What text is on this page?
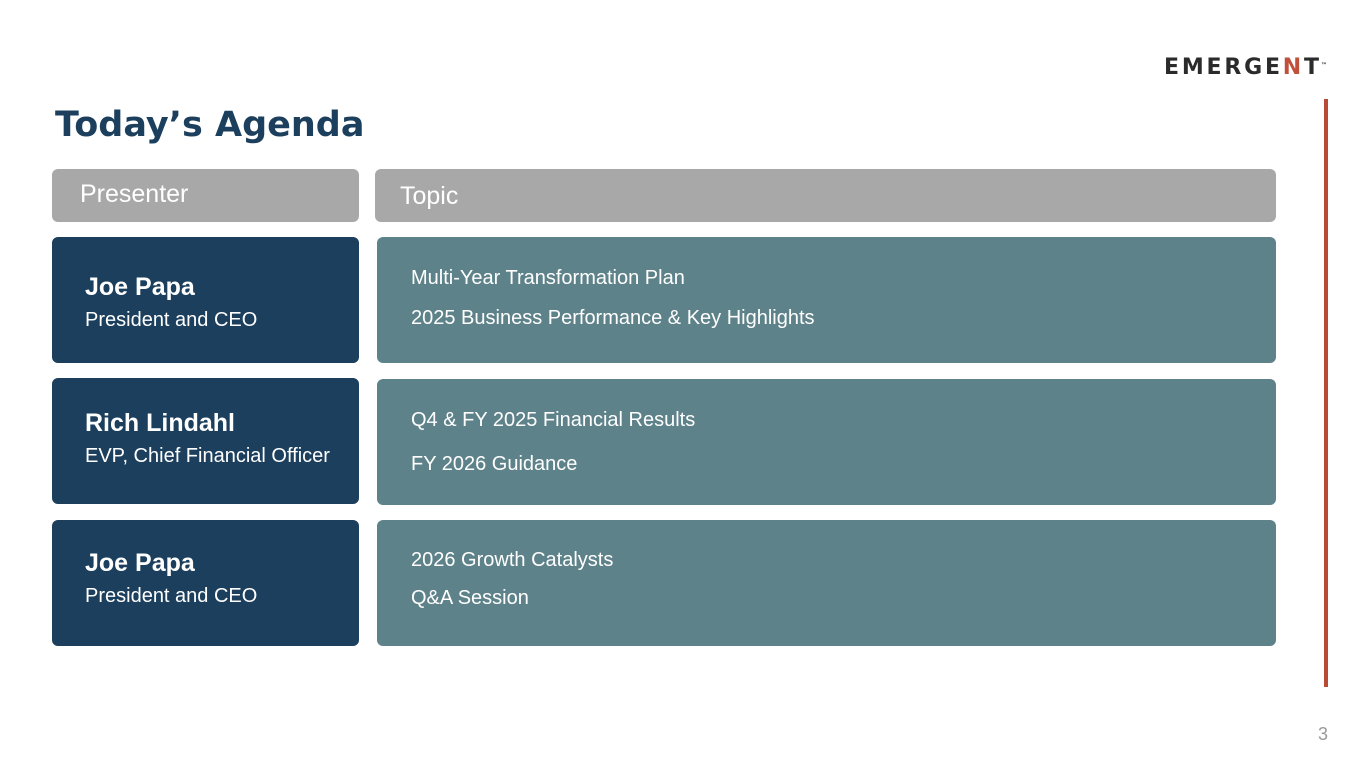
EMERGENT™
Today’s Agenda
Presenter	Topic
Joe Papa
President and CEO
Multi-Year Transformation Plan
2025 Business Performance & Key Highlights
Rich Lindahl
EVP, Chief Financial Officer
Q4 & FY 2025 Financial Results
FY 2026 Guidance
Joe Papa
President and CEO
2026 Growth Catalysts
Q&A Session
3
